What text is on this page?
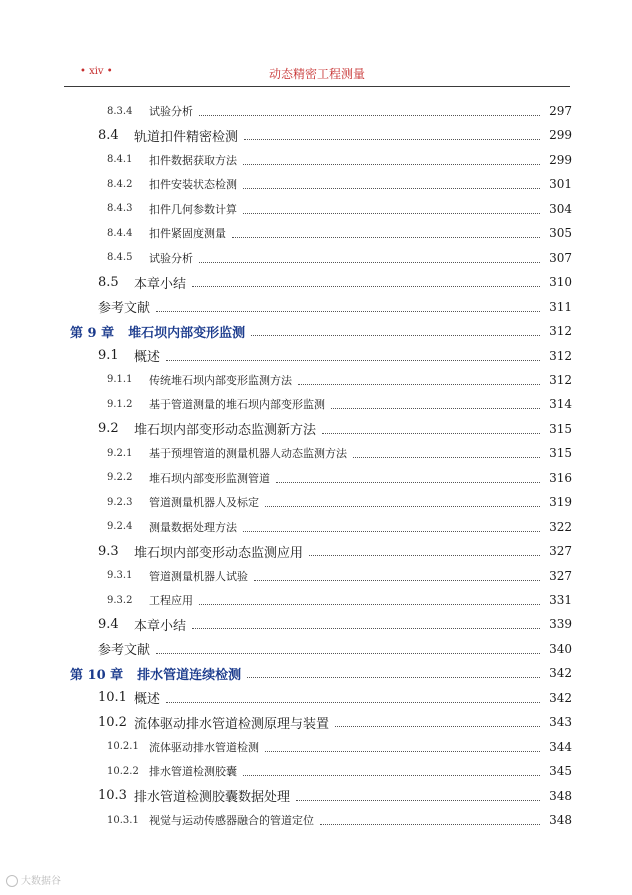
• xiv •	动态精密工程测量
8.3.4	试验分析	297
8.4	轨道扣件精密检测	299
8.4.1	扣件数据获取方法	299
8.4.2	扣件安装状态检测	301
8.4.3	扣件几何参数计算	304
8.4.4	扣件紧固度测量	305
8.4.5	试验分析	307
8.5	本章小结	310
参考文献	311
第 9 章 堆石坝内部变形监测	312
9.1	概述	312
9.1.1	传统堆石坝内部变形监测方法	312
9.1.2	基于管道测量的堆石坝内部变形监测	314
9.2	堆石坝内部变形动态监测新方法	315
9.2.1	基于预埋管道的测量机器人动态监测方法	315
9.2.2	堆石坝内部变形监测管道	316
9.2.3	管道测量机器人及标定	319
9.2.4	测量数据处理方法	322
9.3	堆石坝内部变形动态监测应用	327
9.3.1	管道测量机器人试验	327
9.3.2	工程应用	331
9.4	本章小结	339
参考文献	340
第 10 章 排水管道连续检测	342
10.1 概述	342
10.2 流体驱动排水管道检测原理与装置	343
10.2.1 流体驱动排水管道检测	344
10.2.2 排水管道检测胶囊	345
10.3 排水管道检测胶囊数据处理	348
10.3.1 视觉与运动传感器融合的管道定位	348
大数据谷
